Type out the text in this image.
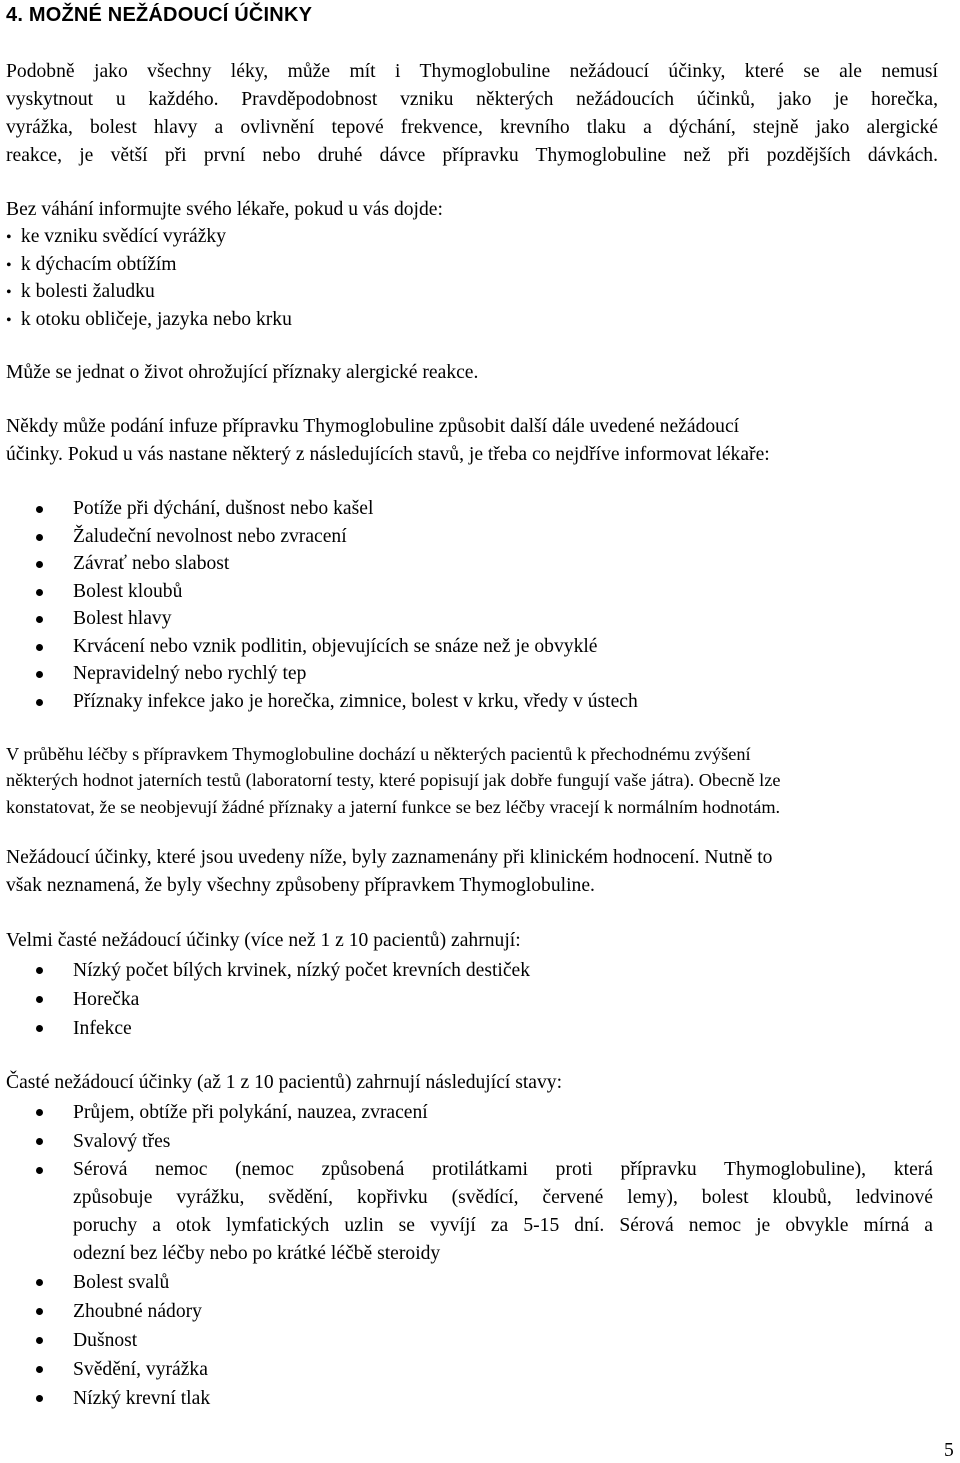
4. MOŽNÉ NEŽÁDOUCÍ ÚČINKY
Podobně jako všechny léky, může mít i Thymoglobuline nežádoucí účinky, které se ale nemusí
vyskytnout u každého. Pravděpodobnost vzniku některých nežádoucích účinků, jako je horečka,
vyrážka, bolest hlavy a ovlivnění tepové frekvence, krevního tlaku a dýchání, stejně jako alergické
reakce, je větší při první nebo druhé dávce přípravku Thymoglobuline než při pozdějších dávkách.
Bez váhání informujte svého lékaře, pokud u vás dojde:
• ke vzniku svědící vyrážky
• k dýchacím obtížím
• k bolesti žaludku
• k otoku obličeje, jazyka nebo krku
Může se jednat o život ohrožující příznaky alergické reakce.
Někdy může podání infuze přípravku Thymoglobuline způsobit další dále uvedené nežádoucí
účinky. Pokud u vás nastane některý z následujících stavů, je třeba co nejdříve informovat lékaře:
Potíže při dýchání, dušnost nebo kašel
Žaludeční nevolnost nebo zvracení
Závrať nebo slabost
Bolest kloubů
Bolest hlavy
Krvácení nebo vznik podlitin, objevujících se snáze než je obvyklé
Nepravidelný nebo rychlý tep
Příznaky infekce jako je horečka, zimnice, bolest v krku, vředy v ústech
V průběhu léčby s přípravkem Thymoglobuline dochází u některých pacientů k přechodnému zvýšení
některých hodnot jaterních testů (laboratorní testy, které popisují jak dobře fungují vaše játra). Obecně lze
konstatovat, že se neobjevují žádné příznaky a jaterní funkce se bez léčby vracejí k normálním hodnotám.
Nežádoucí účinky, které jsou uvedeny níže, byly zaznamenány při klinickém hodnocení. Nutně to
však neznamená, že byly všechny způsobeny přípravkem Thymoglobuline.
Velmi časté nežádoucí účinky (více než 1 z 10 pacientů) zahrnují:
Nízký počet bílých krvinek, nízký počet krevních destiček
Horečka
Infekce
Časté nežádoucí účinky (až 1 z 10 pacientů) zahrnují následující stavy:
Průjem, obtíže při polykání, nauzea, zvracení
Svalový třes
Sérová nemoc (nemoc způsobená protilátkami proti přípravku Thymoglobuline), která
způsobuje vyrážku, svědění, kopřivku (svědící, červené lemy), bolest kloubů, ledvinové
poruchy a otok lymfatických uzlin se vyvíjí za 5-15 dní. Sérová nemoc je obvykle mírná a
odezní bez léčby nebo po krátké léčbě steroidy
Bolest svalů
Zhoubné nádory
Dušnost
Svědění, vyrážka
Nízký krevní tlak
5
